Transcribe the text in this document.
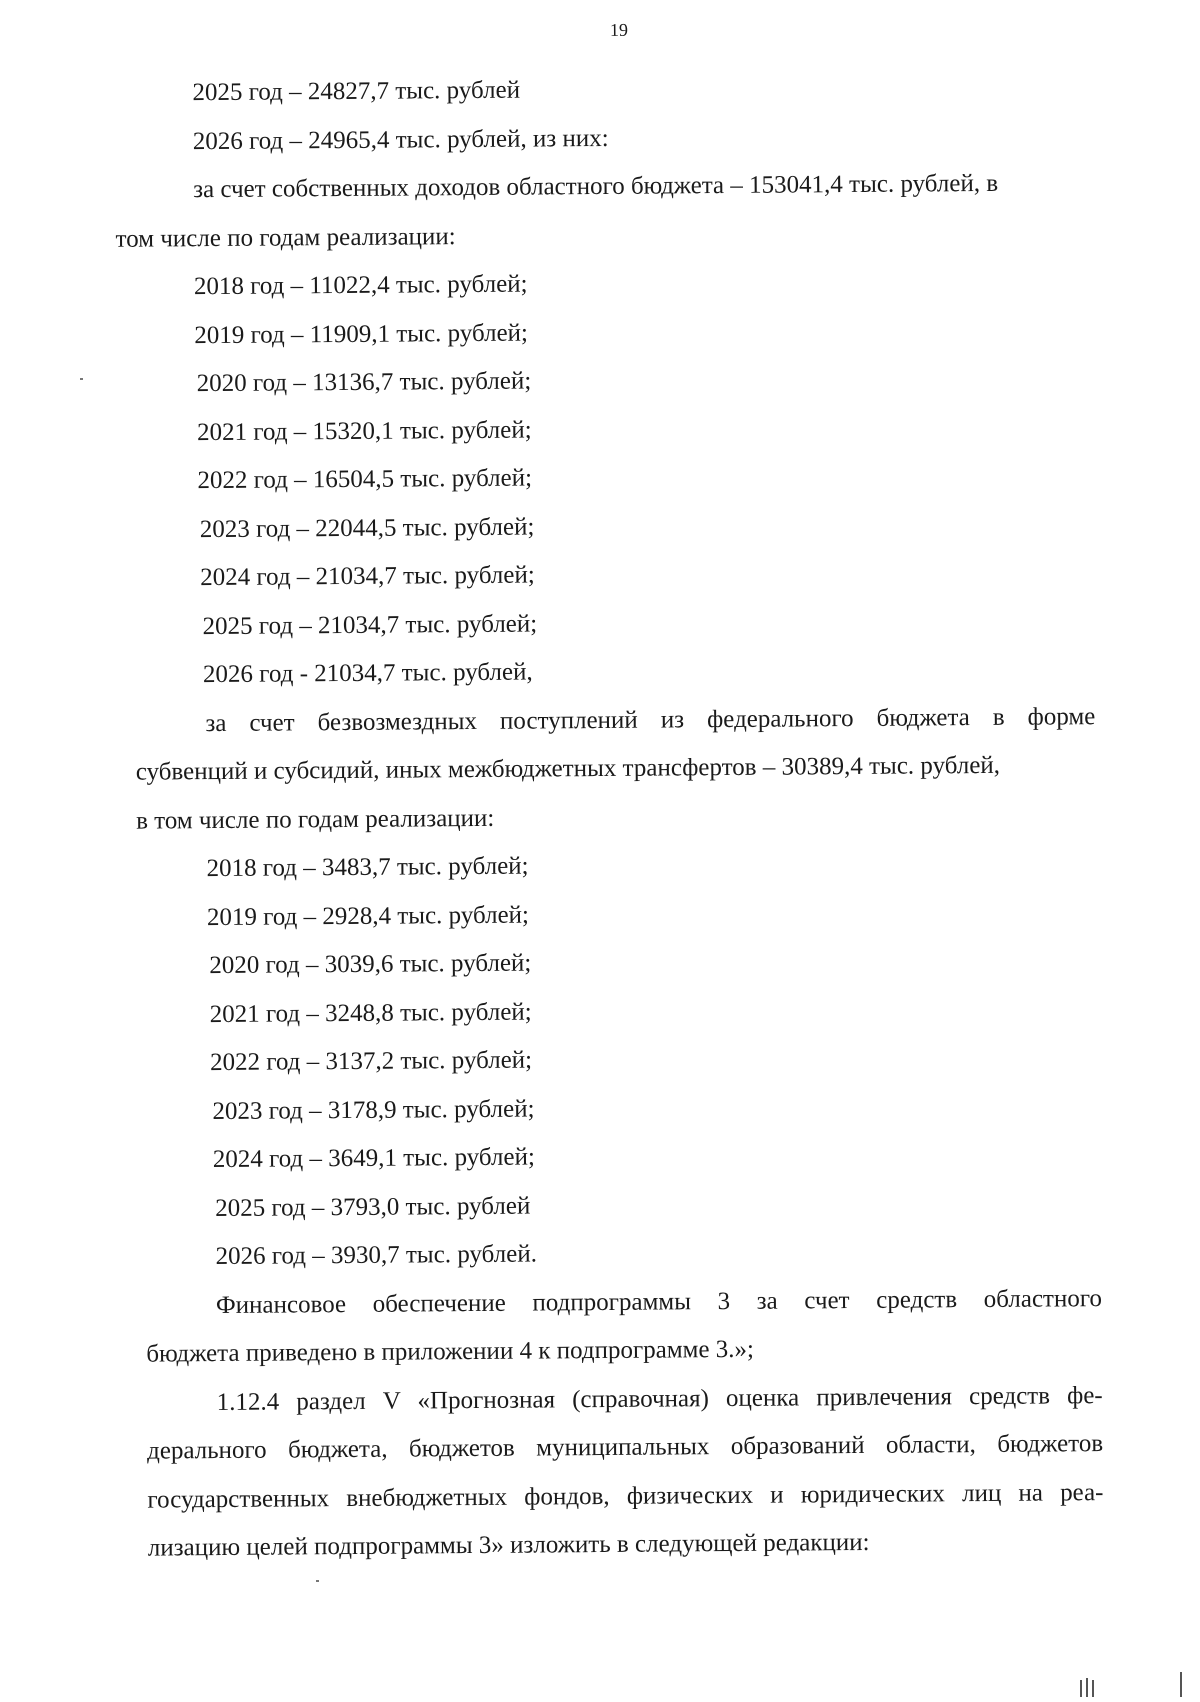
19
2025 год – 24827,7 тыс. рублей
2026 год – 24965,4 тыс. рублей, из них:
за счет собственных доходов областного бюджета – 153041,4 тыс. рублей, в
том числе по годам реализации:
2018 год – 11022,4 тыс. рублей;
2019 год – 11909,1 тыс. рублей;
2020 год – 13136,7 тыс. рублей;
2021 год – 15320,1 тыс. рублей;
2022 год – 16504,5 тыс. рублей;
2023 год – 22044,5 тыс. рублей;
2024 год – 21034,7 тыс. рублей;
2025 год – 21034,7 тыс. рублей;
2026 год - 21034,7 тыс. рублей,
за счет безвозмездных поступлений из федерального бюджета в форме
субвенций и субсидий, иных межбюджетных трансфертов – 30389,4 тыс. рублей,
в том числе по годам реализации:
2018 год – 3483,7 тыс. рублей;
2019 год – 2928,4 тыс. рублей;
2020 год – 3039,6 тыс. рублей;
2021 год – 3248,8 тыс. рублей;
2022 год – 3137,2 тыс. рублей;
2023 год – 3178,9 тыс. рублей;
2024 год – 3649,1 тыс. рублей;
2025 год – 3793,0 тыс. рублей
2026 год – 3930,7 тыс. рублей.
Финансовое обеспечение подпрограммы 3 за счет средств областного
бюджета приведено в приложении 4 к подпрограмме 3.»;
1.12.4 раздел V «Прогнозная (справочная) оценка привлечения средств фе-
дерального бюджета, бюджетов муниципальных образований области, бюджетов
государственных внебюджетных фондов, физических и юридических лиц на реа-
лизацию целей подпрограммы 3» изложить в следующей редакции:
